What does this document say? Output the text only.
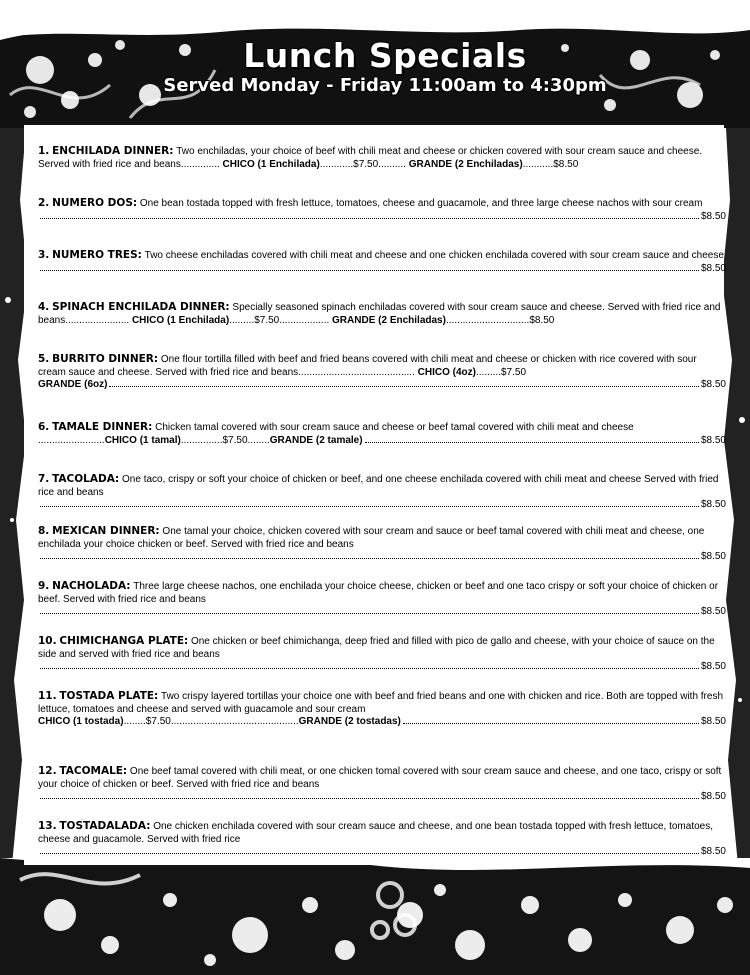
Lunch Specials
Served Monday - Friday 11:00am to 4:30pm
1. ENCHILADA DINNER: Two enchiladas, your choice of beef with chili meat and cheese or chicken covered with sour cream sauce and cheese. Served with fried rice and beans.............. CHICO (1 Enchilada)............$7.50.......... GRANDE (2 Enchiladas)...........$8.50
2. NUMERO DOS: One bean tostada topped with fresh lettuce, tomatoes, cheese and guacamole, and three large cheese nachos with sour cream
$8.50
3. NUMERO TRES: Two cheese enchiladas covered with chili meat and cheese and one chicken enchilada covered with sour cream sauce and cheese
$8.50
4. SPINACH ENCHILADA DINNER: Specially seasoned spinach enchiladas covered with sour cream sauce and cheese. Served with fried rice and beans....................... CHICO (1 Enchilada).........$7.50.................. GRANDE (2 Enchiladas)..............................$8.50
5. BURRITO DINNER: One flour tortilla filled with beef and fried beans covered with chili meat and cheese or chicken with rice covered with sour cream sauce and cheese. Served with fried rice and beans.......................................... CHICO (4oz).........$7.50
GRANDE (6oz)	$8.50
6. TAMALE DINNER: Chicken tamal covered with sour cream sauce and cheese or beef tamal covered with chili meat and cheese
........................ CHICO (1 tamal) ............... $7.50 ........ GRANDE (2 tamale)	$8.50
7. TACOLADA: One taco, crispy or soft your choice of chicken or beef, and one cheese enchilada covered with chili meat and cheese Served with fried rice and beans
$8.50
8. MEXICAN DINNER: One tamal your choice, chicken covered with sour cream and sauce or beef tamal covered with chili meat and cheese, one enchilada your choice chicken or beef. Served with fried rice and beans
$8.50
9. NACHOLADA: Three large cheese nachos, one enchilada your choice cheese, chicken or beef and one taco crispy or soft your choice of chicken or beef. Served with fried rice and beans
$8.50
10. CHIMICHANGA PLATE: One chicken or beef chimichanga, deep fried and filled with pico de gallo and cheese, with your choice of sauce on the side and served with fried rice and beans
$8.50
11. TOSTADA PLATE: Two crispy layered tortillas your choice one with beef and fried beans and one with chicken and rice. Both are topped with fresh lettuce, tomatoes and cheese and served with guacamole and sour cream
CHICO (1 tostada) ........ $7.50 .............................................. GRANDE (2 tostadas)	$8.50
12. TACOMALE: One beef tamal covered with chili meat, or one chicken tomal covered with sour cream sauce and cheese, and one taco, crispy or soft your choice of chicken or beef. Served with fried rice and beans
$8.50
13. TOSTADALADA: One chicken enchilada covered with sour cream sauce and cheese, and one bean tostada topped with fresh lettuce, tomatoes, cheese and guacamole. Served with fried rice
$8.50
